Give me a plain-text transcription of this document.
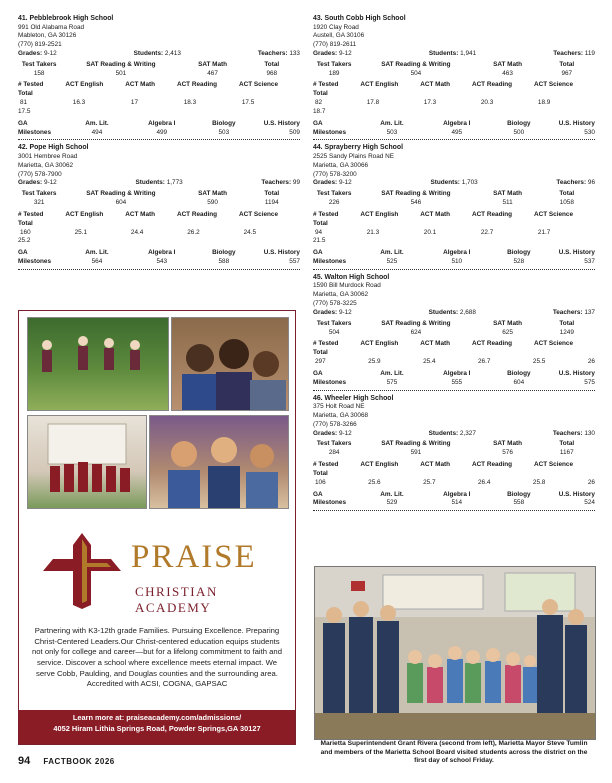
41. Pebblebrook High School
991 Old Alabama Road
Mableton, GA 30126
(770) 819-2521
Grades: 9-12	Students: 2,413	Teachers: 133
Test Takers	SAT Reading & Writing	SAT Math	Total
158	501	467	968
# Tested	ACT English	ACT Math	ACT Reading	ACT Science
Total
81	16.3	17	18.3	17.5
17.5
GA	Am. Lit.	Algebra I	Biology	U.S. History
Milestones	494	499	503	509
42. Pope High School
3001 Hembree Road
Marietta, GA 30062
(770) 578-7900
Grades: 9-12	Students: 1,773	Teachers: 99
Test Takers	SAT Reading & Writing	SAT Math	Total
321	604	590	1194
# Tested	ACT English	ACT Math	ACT Reading	ACT Science
Total
160	25.1	24.4	26.2	24.5
25.2
GA	Am. Lit.	Algebra I	Biology	U.S. History
Milestones	564	543	588	557
43. South Cobb High School
1920 Clay Road
Austell, GA 30106
(770) 819-2611
Grades: 9-12	Students: 1,941	Teachers: 119
Test Takers	SAT Reading & Writing	SAT Math	Total
189	504	463	967
# Tested	ACT English	ACT Math	ACT Reading	ACT Science
Total
82	17.8	17.3	20.3	18.9
18.7
GA	Am. Lit.	Algebra I	Biology	U.S. History
Milestones	503	495	500	530
44. Sprayberry High School
2525 Sandy Plains Road NE
Marietta, GA 30066
(770) 578-3200
Grades: 9-12	Students: 1,703	Teachers: 96
Test Takers	SAT Reading & Writing	SAT Math	Total
226	546	511	1058
# Tested	ACT English	ACT Math	ACT Reading	ACT Science
Total
94	21.3	20.1	22.7	21.7
21.5
GA	Am. Lit.	Algebra I	Biology	U.S. History
Milestones	525	510	528	537
45. Walton High School
1590 Bill Murdock Road
Marietta, GA 30062
(770) 578-3225
Grades: 9-12	Students: 2,688	Teachers: 137
Test Takers	SAT Reading & Writing	SAT Math	Total
504	624	625	1249
# Tested	ACT English	ACT Math	ACT Reading	ACT Science
Total
297	25.9	25.4	26.7	25.5	26
GA	Am. Lit.	Algebra I	Biology	U.S. History
Milestones	575	555	604	575
46. Wheeler High School
375 Holt Road NE
Marietta, GA 30068
(770) 578-3266
Grades: 9-12	Students: 2,327	Teachers: 130
Test Takers	SAT Reading & Writing	SAT Math	Total
284	591	576	1167
# Tested	ACT English	ACT Math	ACT Reading	ACT Science
Total
106	25.6	25.7	26.4	25.8	26
GA	Am. Lit.	Algebra I	Biology	U.S. History
Milestones	529	514	558	524
PRAISE
CHRISTIAN ACADEMY
Partnering with K3-12th grade Families. Pursuing Excellence. Preparing Christ-Centered Leaders.Our Christ-centered education equips students not only for college and career—but for a lifelong commitment to faith and service. Discover a school where excellence meets eternal impact. We serve Cobb, Paulding, and Douglas counties and the surrounding area. Accredited with ACSI, COGNA, GAPSAC
Learn more at: praiseacademy.com/admissions/
4052 Hiram Lithia Springs Road, Powder Springs,GA 30127
Marietta Superintendent Grant Rivera (second from left), Marietta Mayor Steve Tumlin and members of the Marietta School Board visited students across the district on the first day of school Friday.
94 FACTBOOK 2026
